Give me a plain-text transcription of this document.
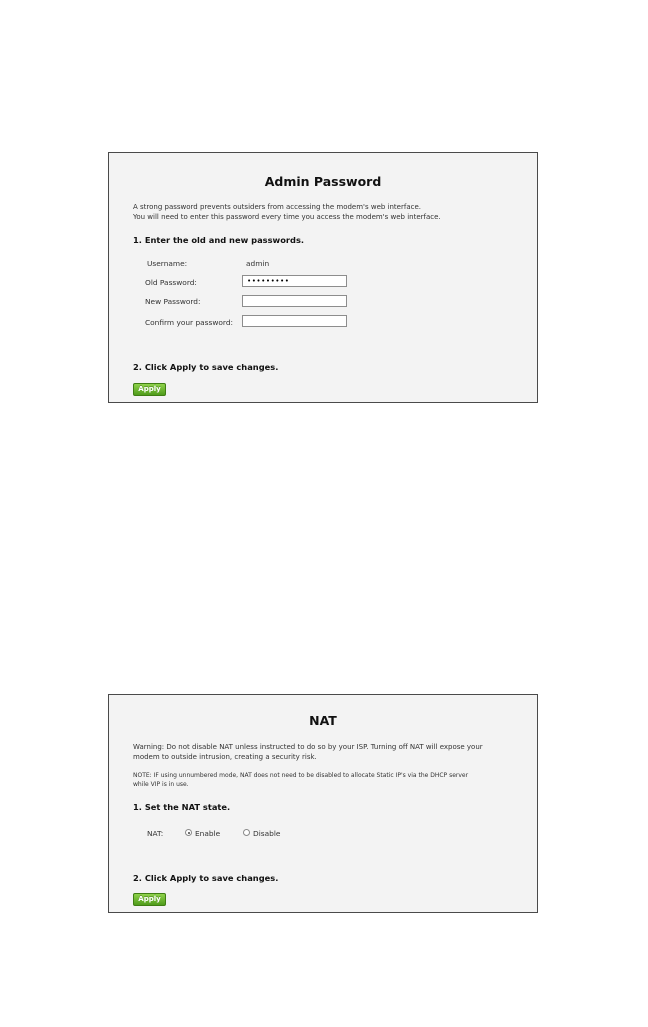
Admin Password
A strong password prevents outsiders from accessing the modem's web interface.
You will need to enter this password every time you access the modem's web interface.
1. Enter the old and new passwords.
Username:	admin
Old Password:	•••••••••
New Password:
Confirm your password:
2. Click Apply to save changes.
Apply
NAT
Warning: Do not disable NAT unless instructed to do so by your ISP. Turning off NAT will expose your
modem to outside intrusion, creating a security risk.
NOTE: IF using unnumbered mode, NAT does not need to be disabled to allocate Static IP's via the DHCP server
while VIP is in use.
1. Set the NAT state.
NAT:	Enable	Disable
2. Click Apply to save changes.
Apply
